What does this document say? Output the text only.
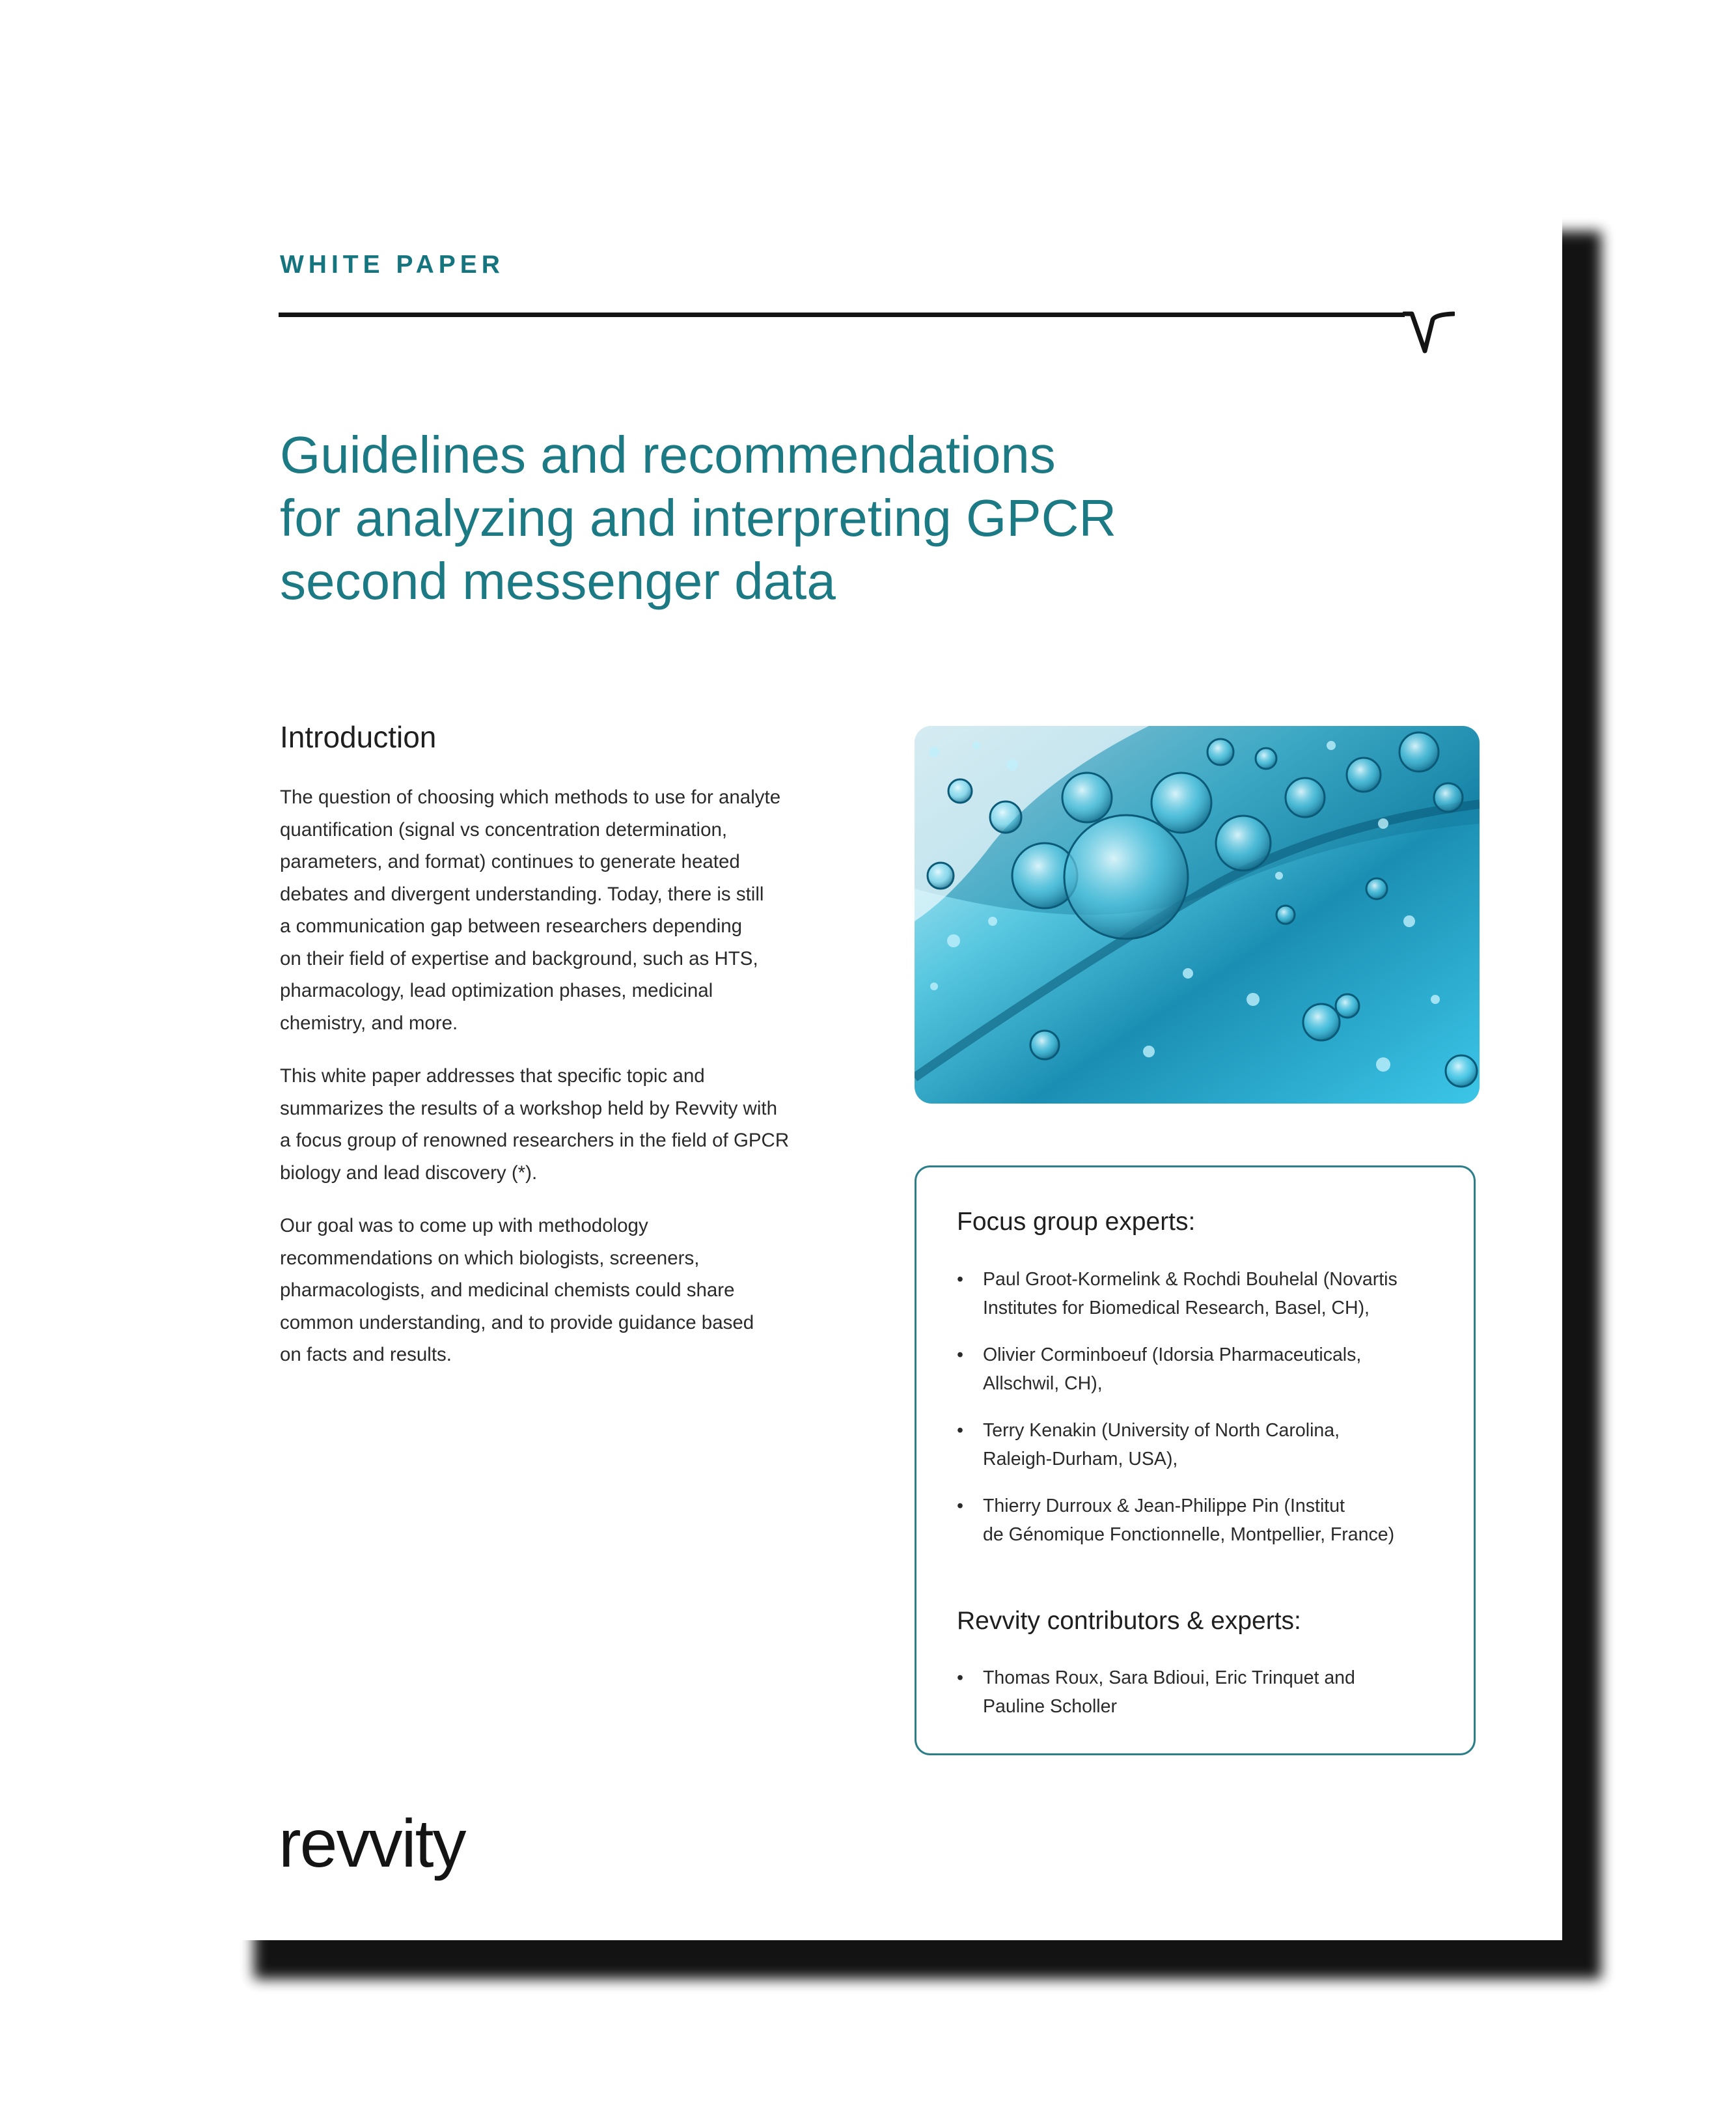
WHITE PAPER
Guidelines and recommendations
for analyzing and interpreting GPCR
second messenger data
Introduction

The question of choosing which methods to use for analyte
quantification (signal vs concentration determination,
parameters, and format) continues to generate heated
debates and divergent understanding. Today, there is still
a communication gap between researchers depending
on their field of expertise and background, such as HTS,
pharmacology, lead optimization phases, medicinal
chemistry, and more.

This white paper addresses that specific topic and
summarizes the results of a workshop held by Revvity with
a focus group of renowned researchers in the field of GPCR
biology and lead discovery (*).

Our goal was to come up with methodology
recommendations on which biologists, screeners,
pharmacologists, and medicinal chemists could share
common understanding, and to provide guidance based
on facts and results.

Focus group experts:
• Paul Groot-Kormelink & Rochdi Bouhelal (Novartis
Institutes for Biomedical Research, Basel, CH),
• Olivier Corminboeuf (Idorsia Pharmaceuticals,
Allschwil, CH),
• Terry Kenakin (University of North Carolina,
Raleigh-Durham, USA),
• Thierry Durroux & Jean-Philippe Pin (Institut
de Génomique Fonctionnelle, Montpellier, France)
Revvity contributors & experts:
• Thomas Roux, Sara Bdioui, Eric Trinquet and
Pauline Scholler
revvity
